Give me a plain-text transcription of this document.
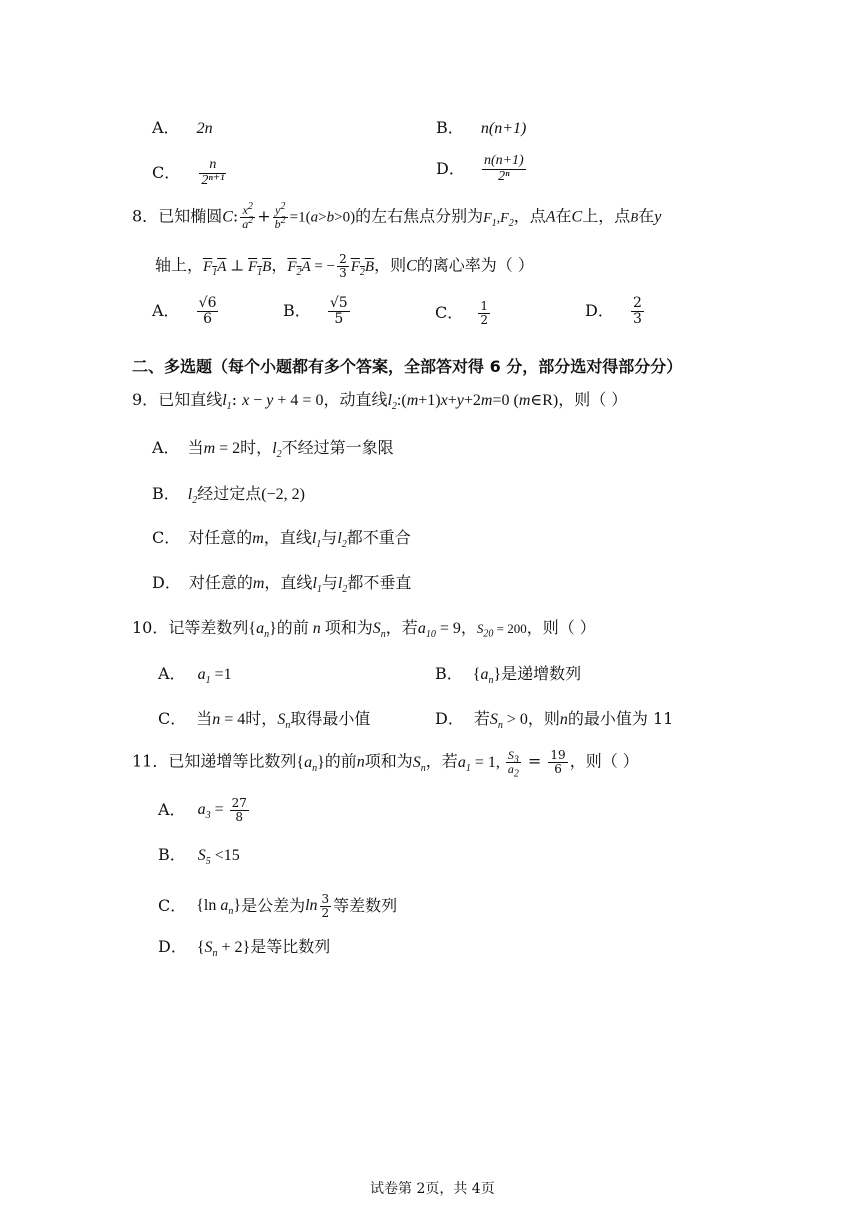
A． 2n	B． n(n+1)
C． $\frac{n}{\text{2ⁿ⁺¹}}$	D． $\frac{n(n+1)}{\text{2ⁿ}}$
8．已知椭圆C: $\frac{x^2}{a^2} + \frac{y^2}{b^2} =1(a>b>0)$的左右焦点分别为$F_1,F_2$，点A在C上，点B在y
轴上，$F_1A$ ⊥ $F_1B$，$F_2A$ = − $\frac{2}{3} F_2B$，则C的离心率为（ ）
A． $\frac{√6}{6}$	B． $\frac{√5}{5}$	C． $\frac{1}{2}$	D． $\frac{2}{3}$
二、多选题（每个小题都有多个答案，全部答对得 6 分，部分选对得部分分）
9．已知直线$l_1$: x − y + 4 = 0，动直线$l_2:(m+1)x+y+2m=0$ (m∈R)，则（ ）
A． 当m = 2时，$l_2$不经过第一象限
B． $l_2$经过定点(−2, 2)
C． 对任意的m，直线$l_1$与$l_2$都不重合
D． 对任意的m，直线$l_1$与$l_2$都不垂直
10．记等差数列$\{a_n\}$的前 n 项和为$S_n$，若$a_{10} = 9$，$S_{20} = 200$，则（ ）
A． $a_1 =1$	B． $\{a_n\}$是递增数列
C． 当n = 4时，$S_n$取得最小值	D． 若$S_n > 0$，则n的最小值为 11
11．已知递增等比数列$\{a_n\}$的前n项和为$S_n$，若$a_1 = 1$, $\frac{S_3}{a_2} = \frac{19}{6}$ ，则（ ）
A． $a_3 = \frac{27}{8}$
B． $S_5 <15$
C． {ln $a_n$}是公差为$\ln \frac{3}{2}$ 等差数列
D． $\{S_n + 2\}$是等比数列
试卷第 2页，共 4页
